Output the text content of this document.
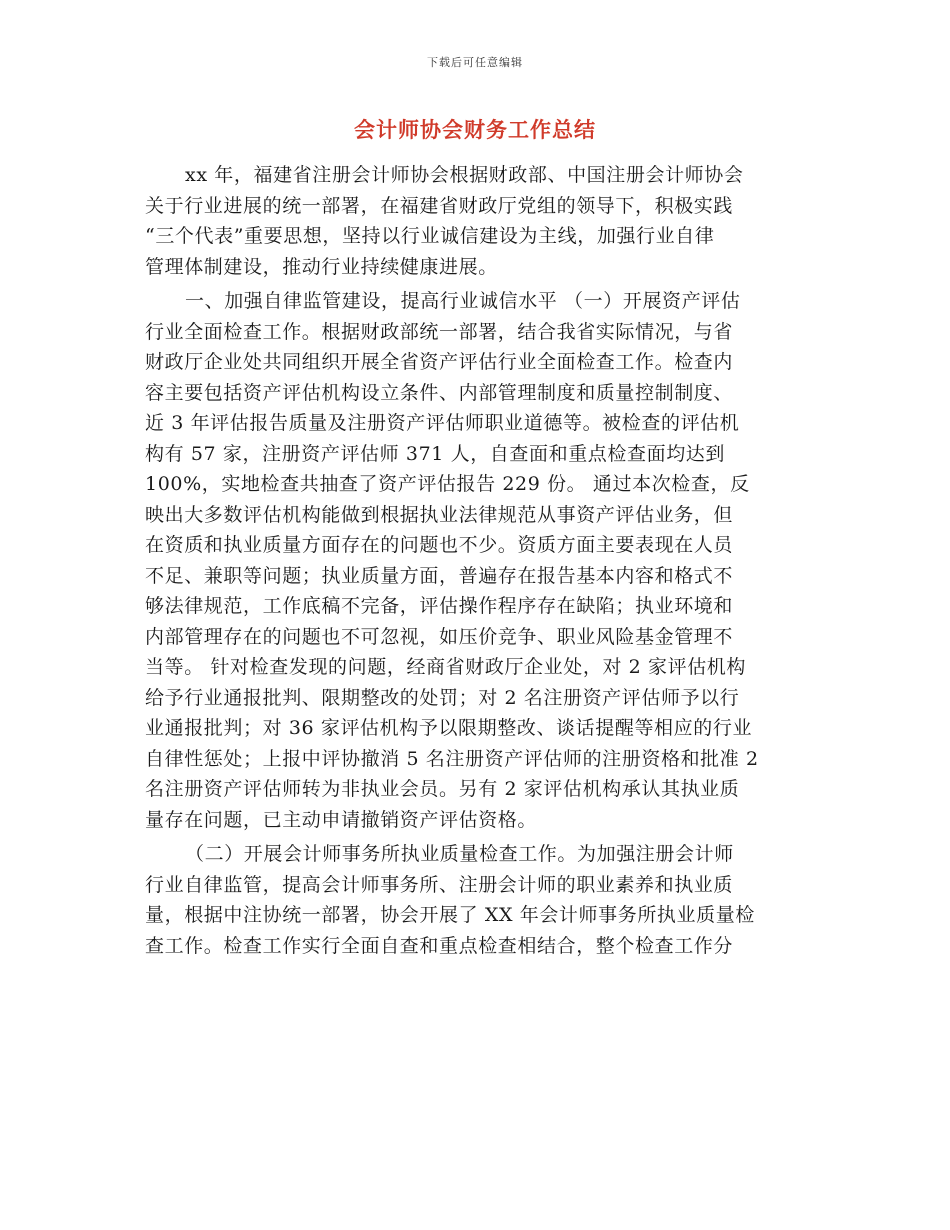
下载后可任意编辑
会计师协会财务工作总结
xx 年，福建省注册会计师协会根据财政部、中国注册会计师协会
关于行业进展的统一部署，在福建省财政厅党组的领导下，积极实践
“三个代表”重要思想，坚持以行业诚信建设为主线，加强行业自律
管理体制建设，推动行业持续健康进展。
一、加强自律监管建设，提高行业诚信水平 （一）开展资产评估
行业全面检查工作。根据财政部统一部署，结合我省实际情况，与省
财政厅企业处共同组织开展全省资产评估行业全面检查工作。检查内
容主要包括资产评估机构设立条件、内部管理制度和质量控制制度、
近 3 年评估报告质量及注册资产评估师职业道德等。被检查的评估机
构有 57 家，注册资产评估师 371 人，自查面和重点检查面均达到
100%，实地检查共抽查了资产评估报告 229 份。 通过本次检查，反
映出大多数评估机构能做到根据执业法律规范从事资产评估业务，但
在资质和执业质量方面存在的问题也不少。资质方面主要表现在人员
不足、兼职等问题；执业质量方面，普遍存在报告基本内容和格式不
够法律规范，工作底稿不完备，评估操作程序存在缺陷；执业环境和
内部管理存在的问题也不可忽视，如压价竞争、职业风险基金管理不
当等。 针对检查发现的问题，经商省财政厅企业处，对 2 家评估机构
给予行业通报批判、限期整改的处罚；对 2 名注册资产评估师予以行
业通报批判；对 36 家评估机构予以限期整改、谈话提醒等相应的行业
自律性惩处；上报中评协撤消 5 名注册资产评估师的注册资格和批准 2
名注册资产评估师转为非执业会员。另有 2 家评估机构承认其执业质
量存在问题，已主动申请撤销资产评估资格。
（二）开展会计师事务所执业质量检查工作。为加强注册会计师
行业自律监管，提高会计师事务所、注册会计师的职业素养和执业质
量，根据中注协统一部署，协会开展了 XX 年会计师事务所执业质量检
查工作。检查工作实行全面自查和重点检查相结合，整个检查工作分
